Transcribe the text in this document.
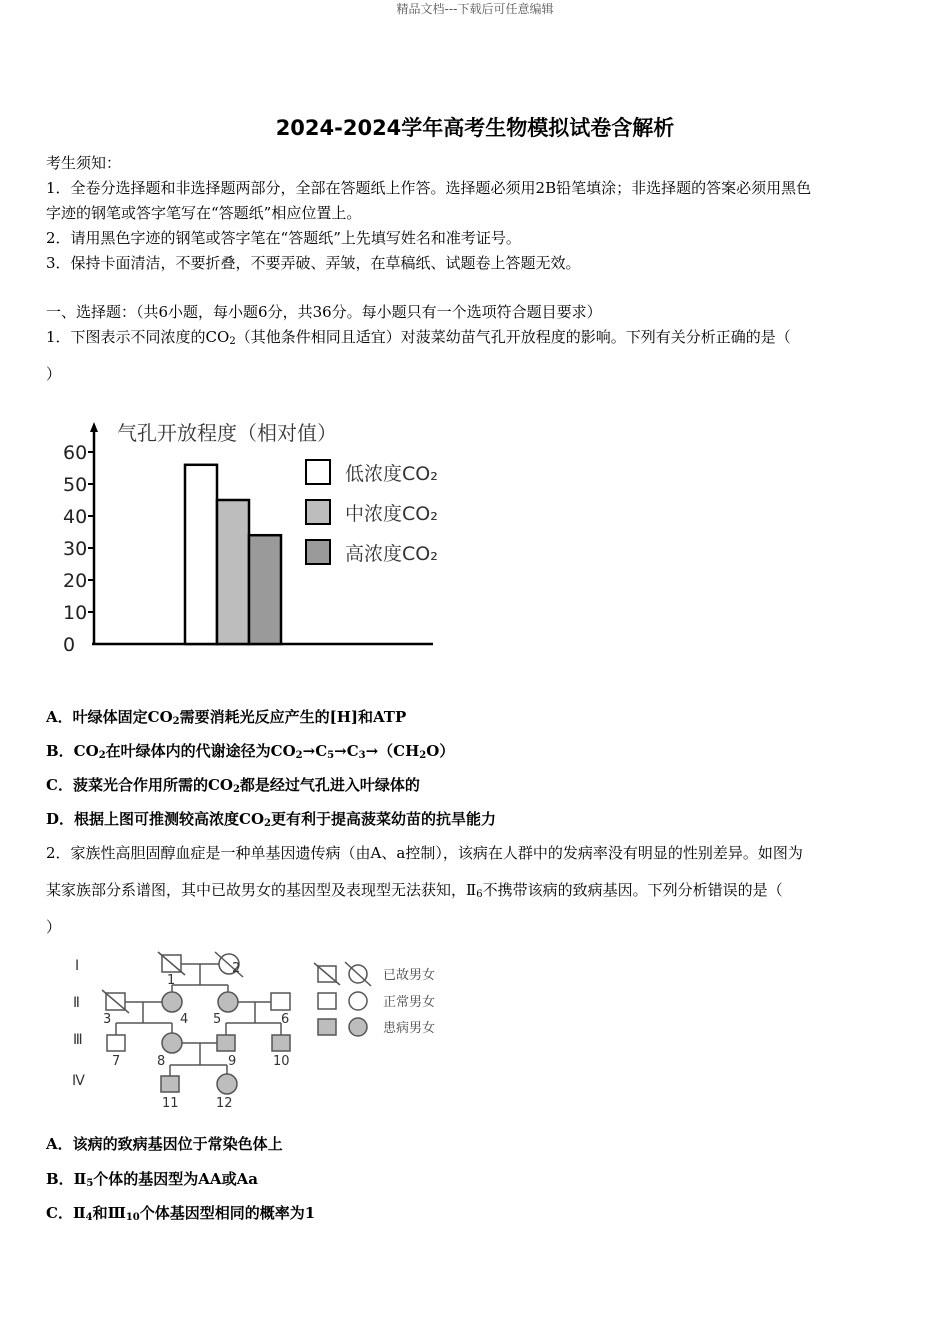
精品文档---下载后可任意编辑
2024-2024学年高考生物模拟试卷含解析
考生须知：
1．全卷分选择题和非选择题两部分，全部在答题纸上作答。选择题必须用2B铅笔填涂；非选择题的答案必须用黑色
字迹的钢笔或答字笔写在“答题纸”相应位置上。
2．请用黑色字迹的钢笔或答字笔在“答题纸”上先填写姓名和准考证号。
3．保持卡面清洁，不要折叠，不要弄破、弄皱，在草稿纸、试题卷上答题无效。
一、选择题：（共6小题，每小题6分，共36分。每小题只有一个选项符合题目要求）
1．下图表示不同浓度的$CO_2$（其他条件相同且适宜）对菠菜幼苗气孔开放程度的影响。下列有关分析正确的是（
）
气孔开放程度（相对值）
60
50
40
30
20
10
0
低浓度CO₂
中浓度CO₂
高浓度CO₂
A．叶绿体固定$CO_2$需要消耗光反应产生的[H]和ATP
B．$CO_2$在叶绿体内的代谢途径为$CO_2\to C_5\to C_3\to(CH_2O)$
C．菠菜光合作用所需的$CO_2$都是经过气孔进入叶绿体的
D．根据上图可推测较高浓度$CO_2$更有利于提高菠菜幼苗的抗旱能力
2．家族性高胆固醇血症是一种单基因遗传病（由A、a控制），该病在人群中的发病率没有明显的性别差异。如图为
某家族部分系谱图，其中已故男女的基因型及表现型无法获知，$Ⅱ_6$不携带该病的致病基因。下列分析错误的是（
）
Ⅰ
Ⅱ
Ⅲ
Ⅳ
1
2
3	4 5	6
7	8	9	10
11	12
已故男女
正常男女
患病男女
A．该病的致病基因位于常染色体上
B．$Ⅱ_5$个体的基因型为AA或Aa
C．$Ⅱ_4$和$Ⅲ_{10}$个体基因型相同的概率为1
